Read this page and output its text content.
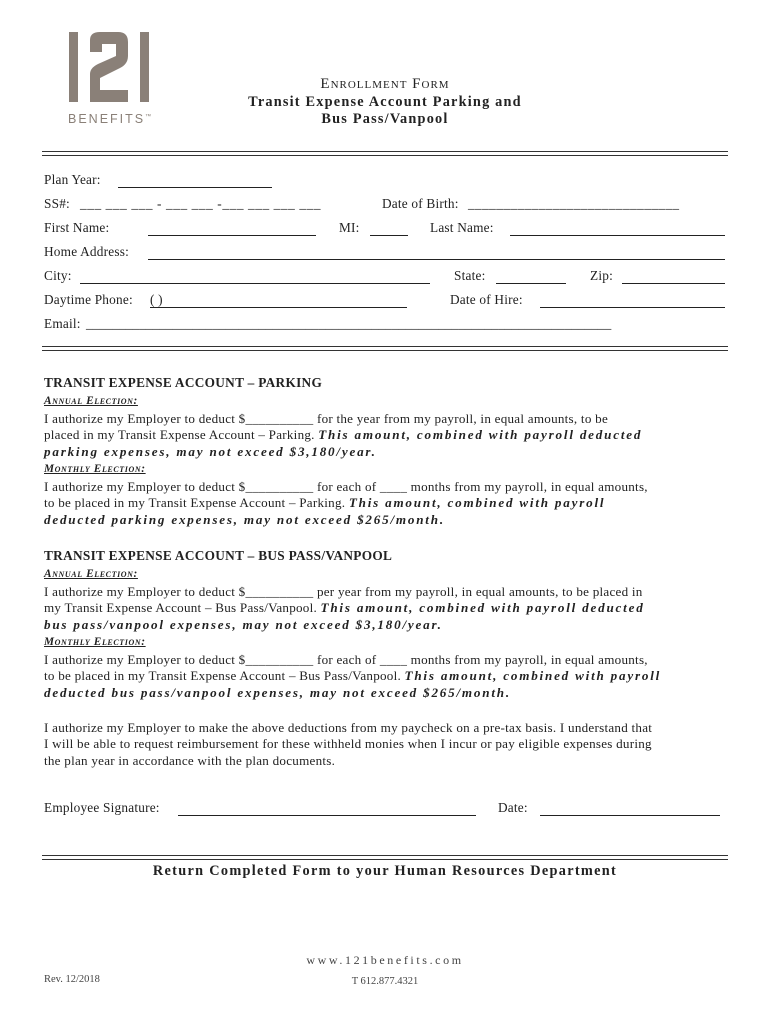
BENEFITS™
Enrollment Form
Transit Expense Account Parking and
Bus Pass/Vanpool
Plan Year:
SS#: ___ ___ ___ - ___ ___ -___ ___ ___ ___	Date of Birth: ______________________________
First Name:	MI:	Last Name:
Home Address:
City:	State:	Zip:
Daytime Phone: ( )	Date of Hire:
Email: _______________________________________________________________________________
TRANSIT EXPENSE ACCOUNT – PARKING
Annual Election:
I authorize my Employer to deduct $__________ for the year from my payroll, in equal amounts, to be
placed in my Transit Expense Account – Parking. This amount, combined with payroll deducted
parking expenses, may not exceed $3,180/year.
Monthly Election:
I authorize my Employer to deduct $__________ for each of ____ months from my payroll, in equal amounts,
to be placed in my Transit Expense Account – Parking. This amount, combined with payroll
deducted parking expenses, may not exceed $265/month.
TRANSIT EXPENSE ACCOUNT – BUS PASS/VANPOOL
Annual Election:
I authorize my Employer to deduct $__________ per year from my payroll, in equal amounts, to be placed in
my Transit Expense Account – Bus Pass/Vanpool. This amount, combined with payroll deducted
bus pass/vanpool expenses, may not exceed $3,180/year.
Monthly Election:
I authorize my Employer to deduct $__________ for each of ____ months from my payroll, in equal amounts,
to be placed in my Transit Expense Account – Bus Pass/Vanpool. This amount, combined with payroll
deducted bus pass/vanpool expenses, may not exceed $265/month.
I authorize my Employer to make the above deductions from my paycheck on a pre-tax basis. I understand that
I will be able to request reimbursement for these withheld monies when I incur or pay eligible expenses during
the plan year in accordance with the plan documents.
Employee Signature:	Date:
Return Completed Form to your Human Resources Department
www.121benefits.com
Rev. 12/2018	T 612.877.4321
